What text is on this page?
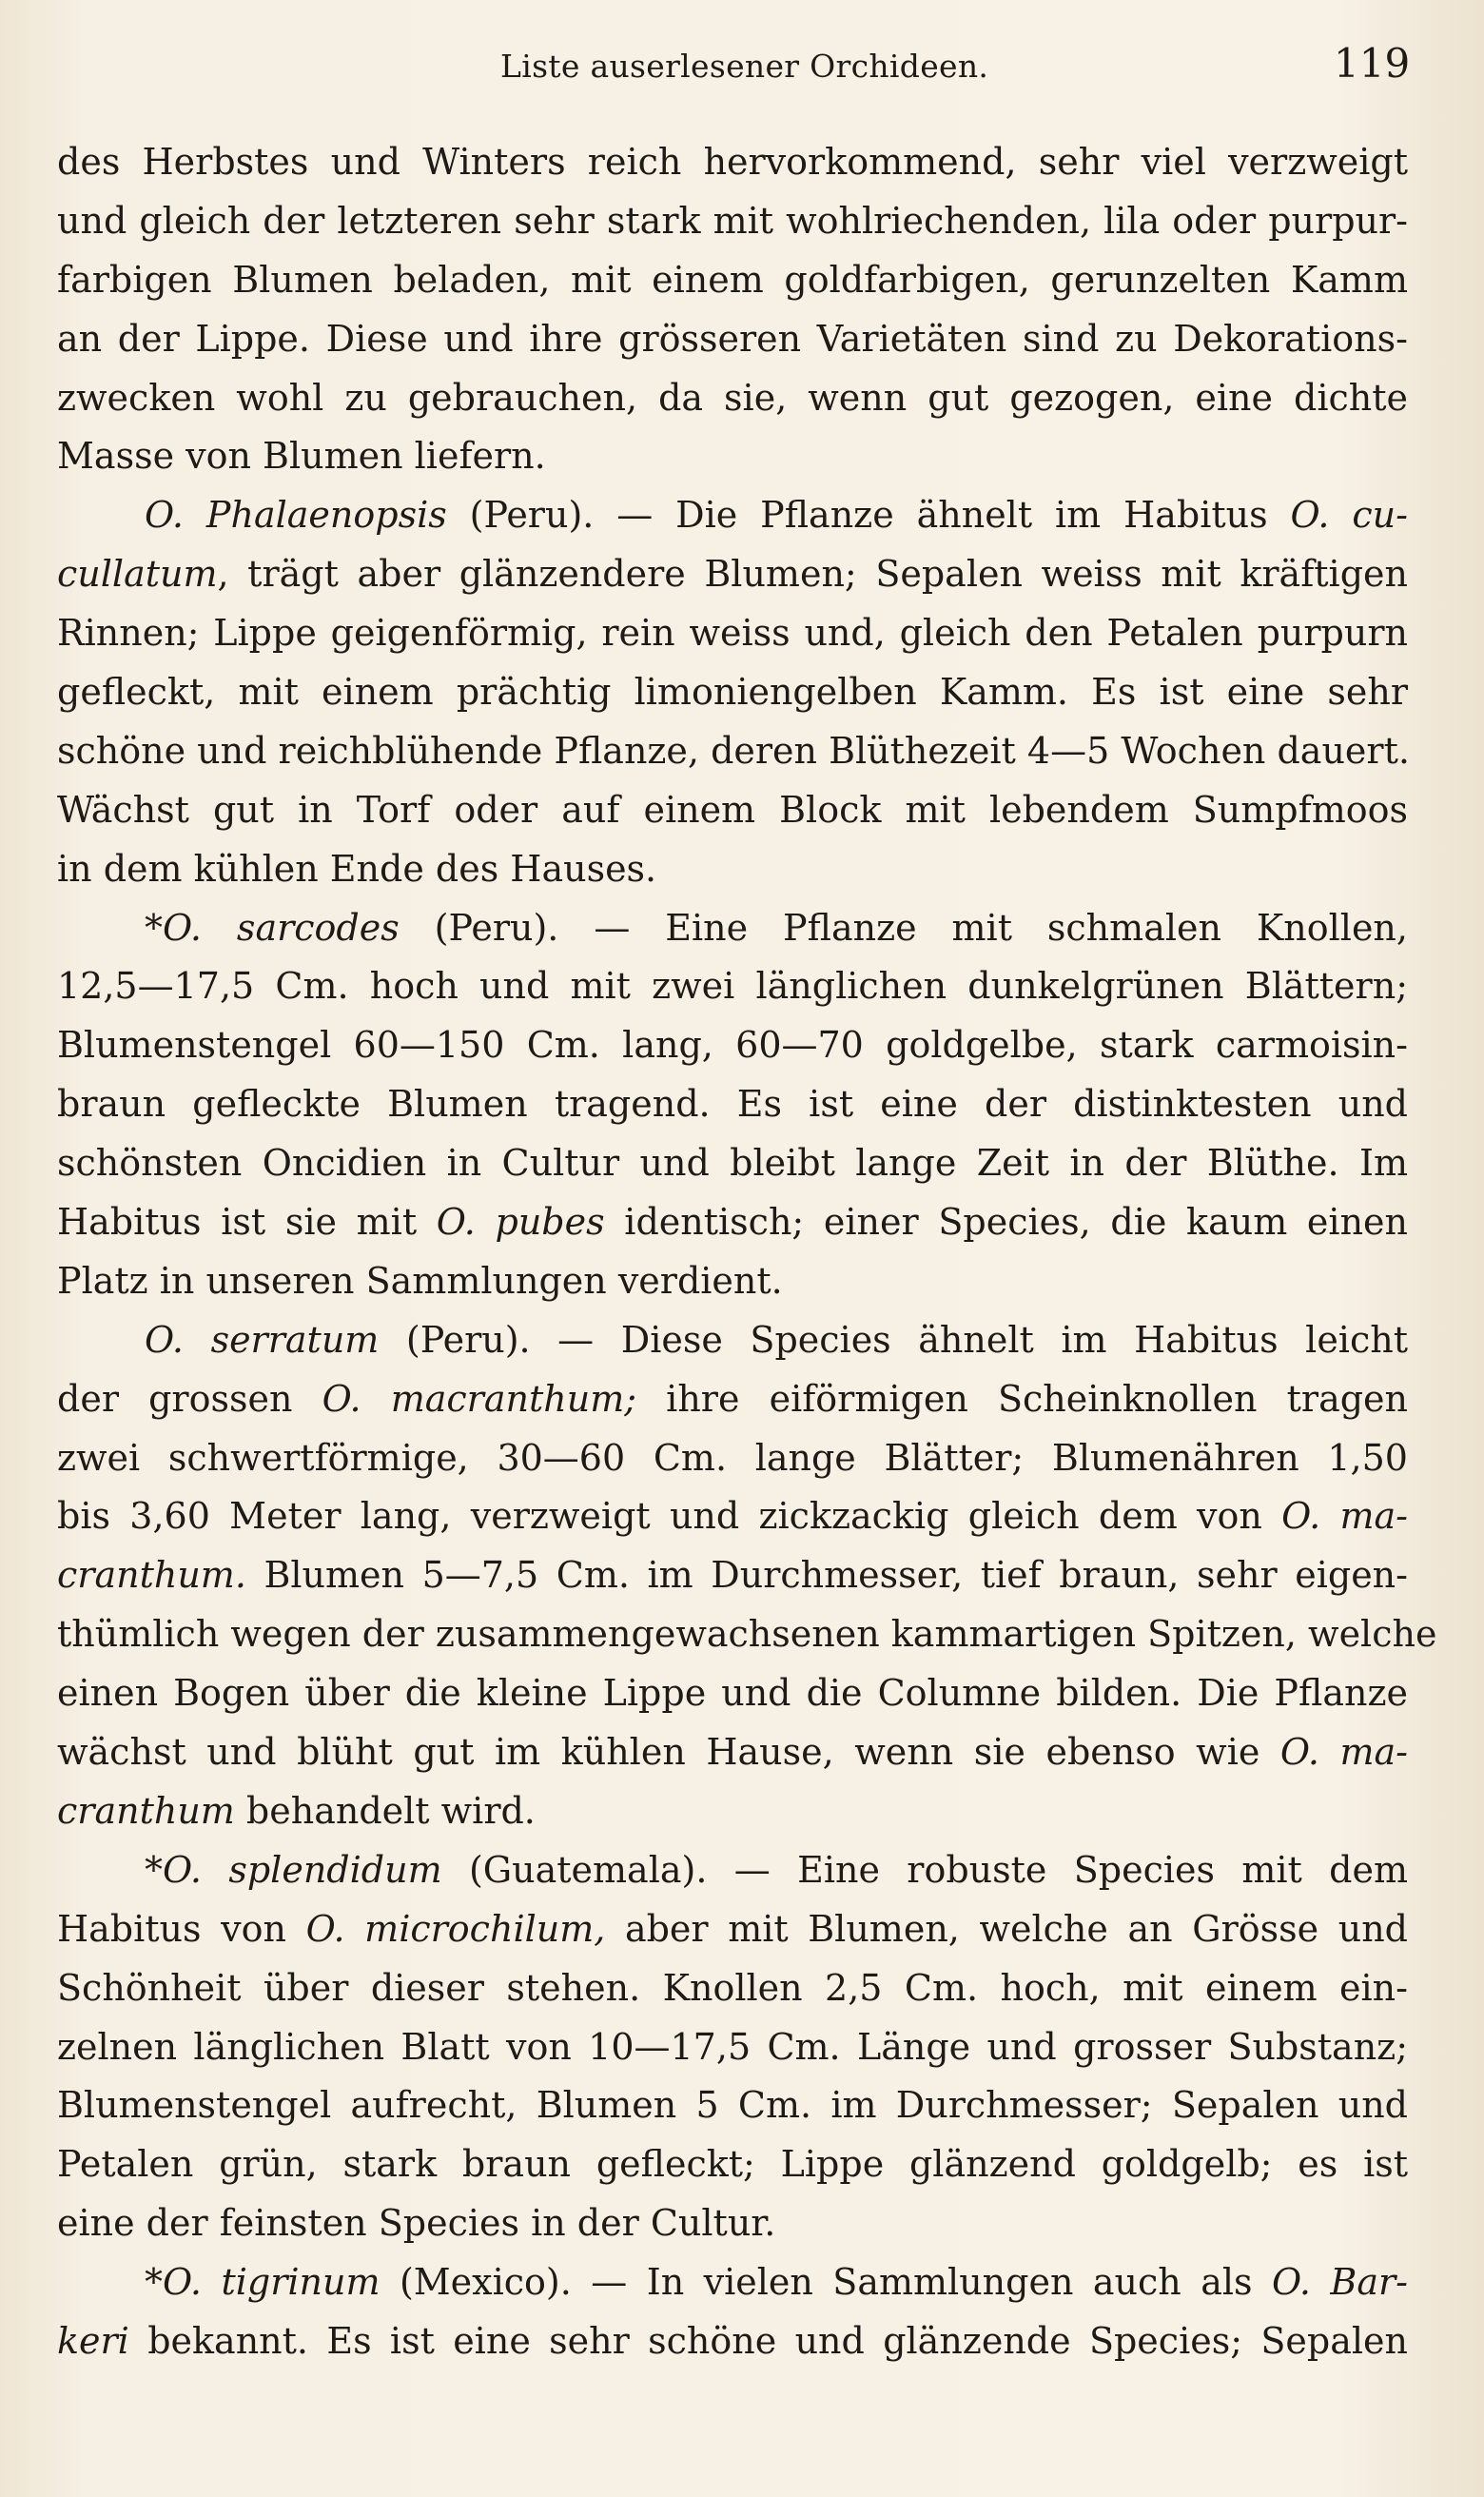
Liste auserlesener Orchideen.	119
des Herbstes und Winters reich hervorkommend, sehr viel verzweigt
und gleich der letzteren sehr stark mit wohlriechenden, lila oder purpur-
farbigen Blumen beladen, mit einem goldfarbigen, gerunzelten Kamm
an der Lippe. Diese und ihre grösseren Varietäten sind zu Dekorations-
zwecken wohl zu gebrauchen, da sie, wenn gut gezogen, eine dichte
Masse von Blumen liefern.
O. Phalaenopsis (Peru). — Die Pflanze ähnelt im Habitus O. cu-
cullatum, trägt aber glänzendere Blumen; Sepalen weiss mit kräftigen
Rinnen; Lippe geigenförmig, rein weiss und, gleich den Petalen purpurn
gefleckt, mit einem prächtig limoniengelben Kamm. Es ist eine sehr
schöne und reichblühende Pflanze, deren Blüthezeit 4—5 Wochen dauert.
Wächst gut in Torf oder auf einem Block mit lebendem Sumpfmoos
in dem kühlen Ende des Hauses.
*O. sarcodes (Peru). — Eine Pflanze mit schmalen Knollen,
12,5—17,5 Cm. hoch und mit zwei länglichen dunkelgrünen Blättern;
Blumenstengel 60—150 Cm. lang, 60—70 goldgelbe, stark carmoisin-
braun gefleckte Blumen tragend. Es ist eine der distinktesten und
schönsten Oncidien in Cultur und bleibt lange Zeit in der Blüthe. Im
Habitus ist sie mit O. pubes identisch; einer Species, die kaum einen
Platz in unseren Sammlungen verdient.
O. serratum (Peru). — Diese Species ähnelt im Habitus leicht
der grossen O. macranthum; ihre eiförmigen Scheinknollen tragen
zwei schwertförmige, 30—60 Cm. lange Blätter; Blumenähren 1,50
bis 3,60 Meter lang, verzweigt und zickzackig gleich dem von O. ma-
cranthum. Blumen 5—7,5 Cm. im Durchmesser, tief braun, sehr eigen-
thümlich wegen der zusammengewachsenen kammartigen Spitzen, welche
einen Bogen über die kleine Lippe und die Columne bilden. Die Pflanze
wächst und blüht gut im kühlen Hause, wenn sie ebenso wie O. ma-
cranthum behandelt wird.
*O. splendidum (Guatemala). — Eine robuste Species mit dem
Habitus von O. microchilum, aber mit Blumen, welche an Grösse und
Schönheit über dieser stehen. Knollen 2,5 Cm. hoch, mit einem ein-
zelnen länglichen Blatt von 10—17,5 Cm. Länge und grosser Substanz;
Blumenstengel aufrecht, Blumen 5 Cm. im Durchmesser; Sepalen und
Petalen grün, stark braun gefleckt; Lippe glänzend goldgelb; es ist
eine der feinsten Species in der Cultur.
*O. tigrinum (Mexico). — In vielen Sammlungen auch als O. Bar-
keri bekannt. Es ist eine sehr schöne und glänzende Species; Sepalen
